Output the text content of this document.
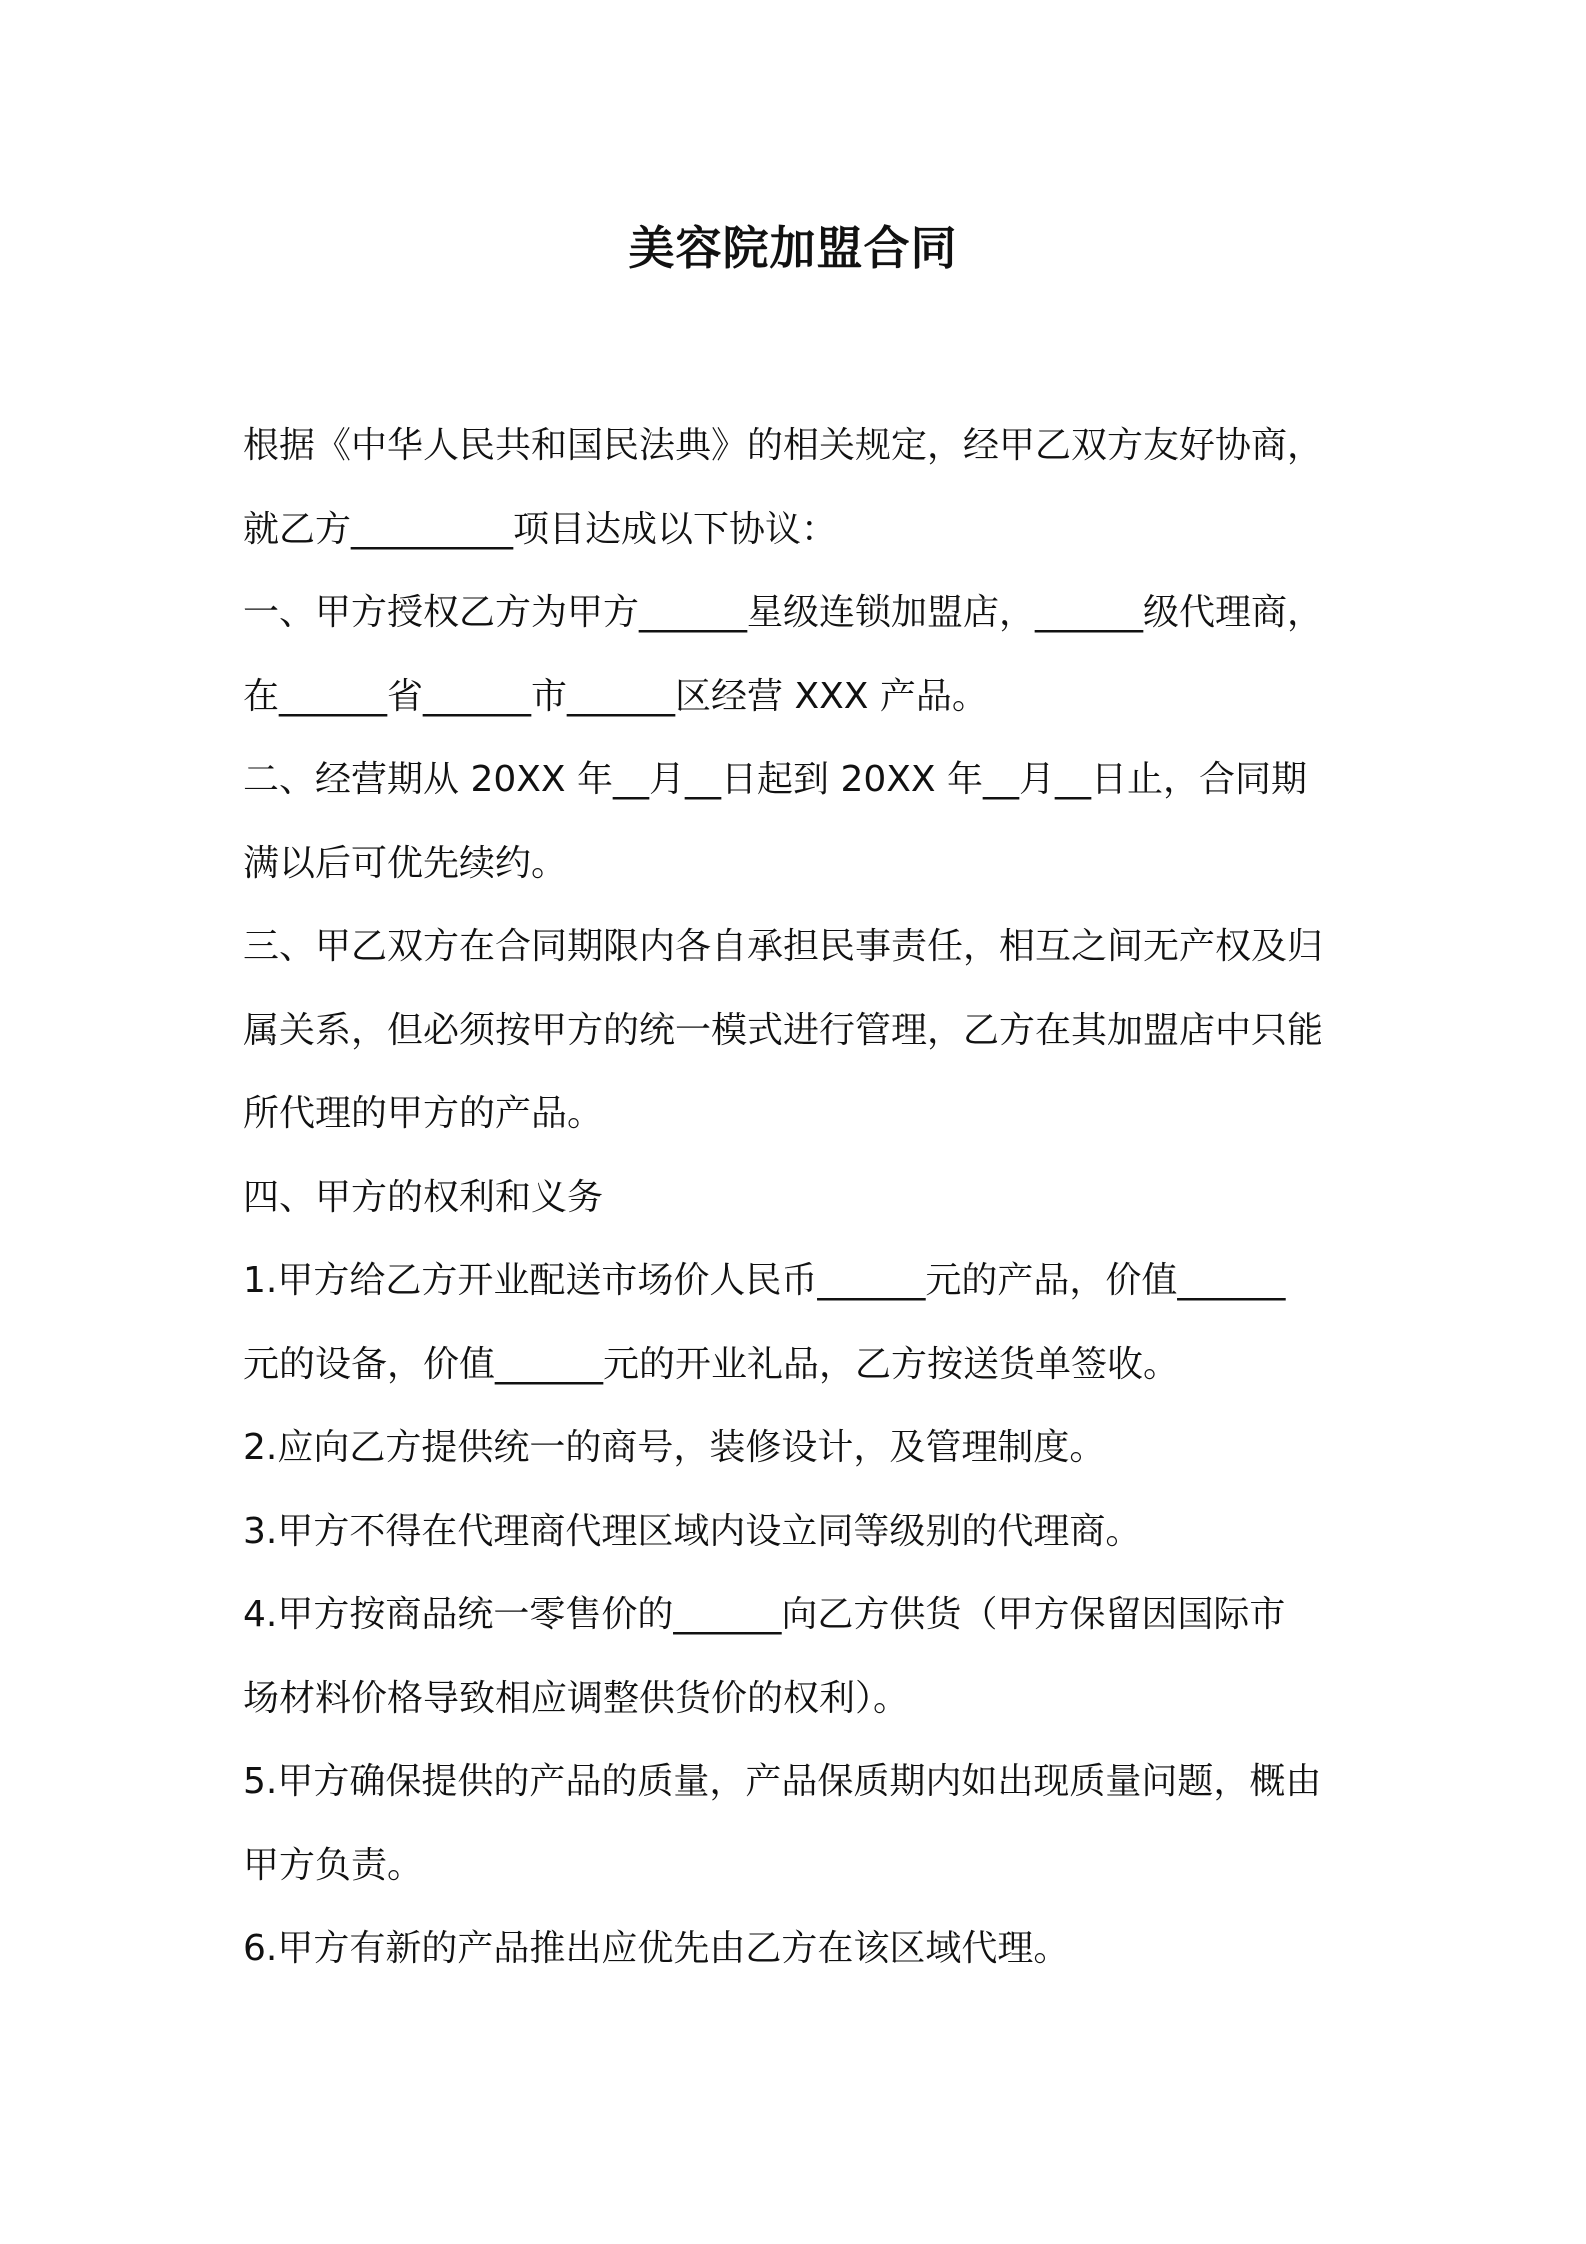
美容院加盟合同
根据《中华人民共和国民法典》的相关规定，经甲乙双方友好协商，
就乙方_________项目达成以下协议：
一、甲方授权乙方为甲方______星级连锁加盟店，______级代理商，
在______省______市______区经营 XXX 产品。
二、经营期从 20XX 年__月__日起到 20XX 年__月__日止，合同期
满以后可优先续约。
三、甲乙双方在合同期限内各自承担民事责任，相互之间无产权及归
属关系，但必须按甲方的统一模式进行管理，乙方在其加盟店中只能
所代理的甲方的产品。
四、甲方的权利和义务
1.甲方给乙方开业配送市场价人民币______元的产品，价值______
元的设备，价值______元的开业礼品，乙方按送货单签收。
2.应向乙方提供统一的商号，装修设计，及管理制度。
3.甲方不得在代理商代理区域内设立同等级别的代理商。
4.甲方按商品统一零售价的______向乙方供货（甲方保留因国际市
场材料价格导致相应调整供货价的权利）。
5.甲方确保提供的产品的质量，产品保质期内如出现质量问题，概由
甲方负责。
6.甲方有新的产品推出应优先由乙方在该区域代理。
